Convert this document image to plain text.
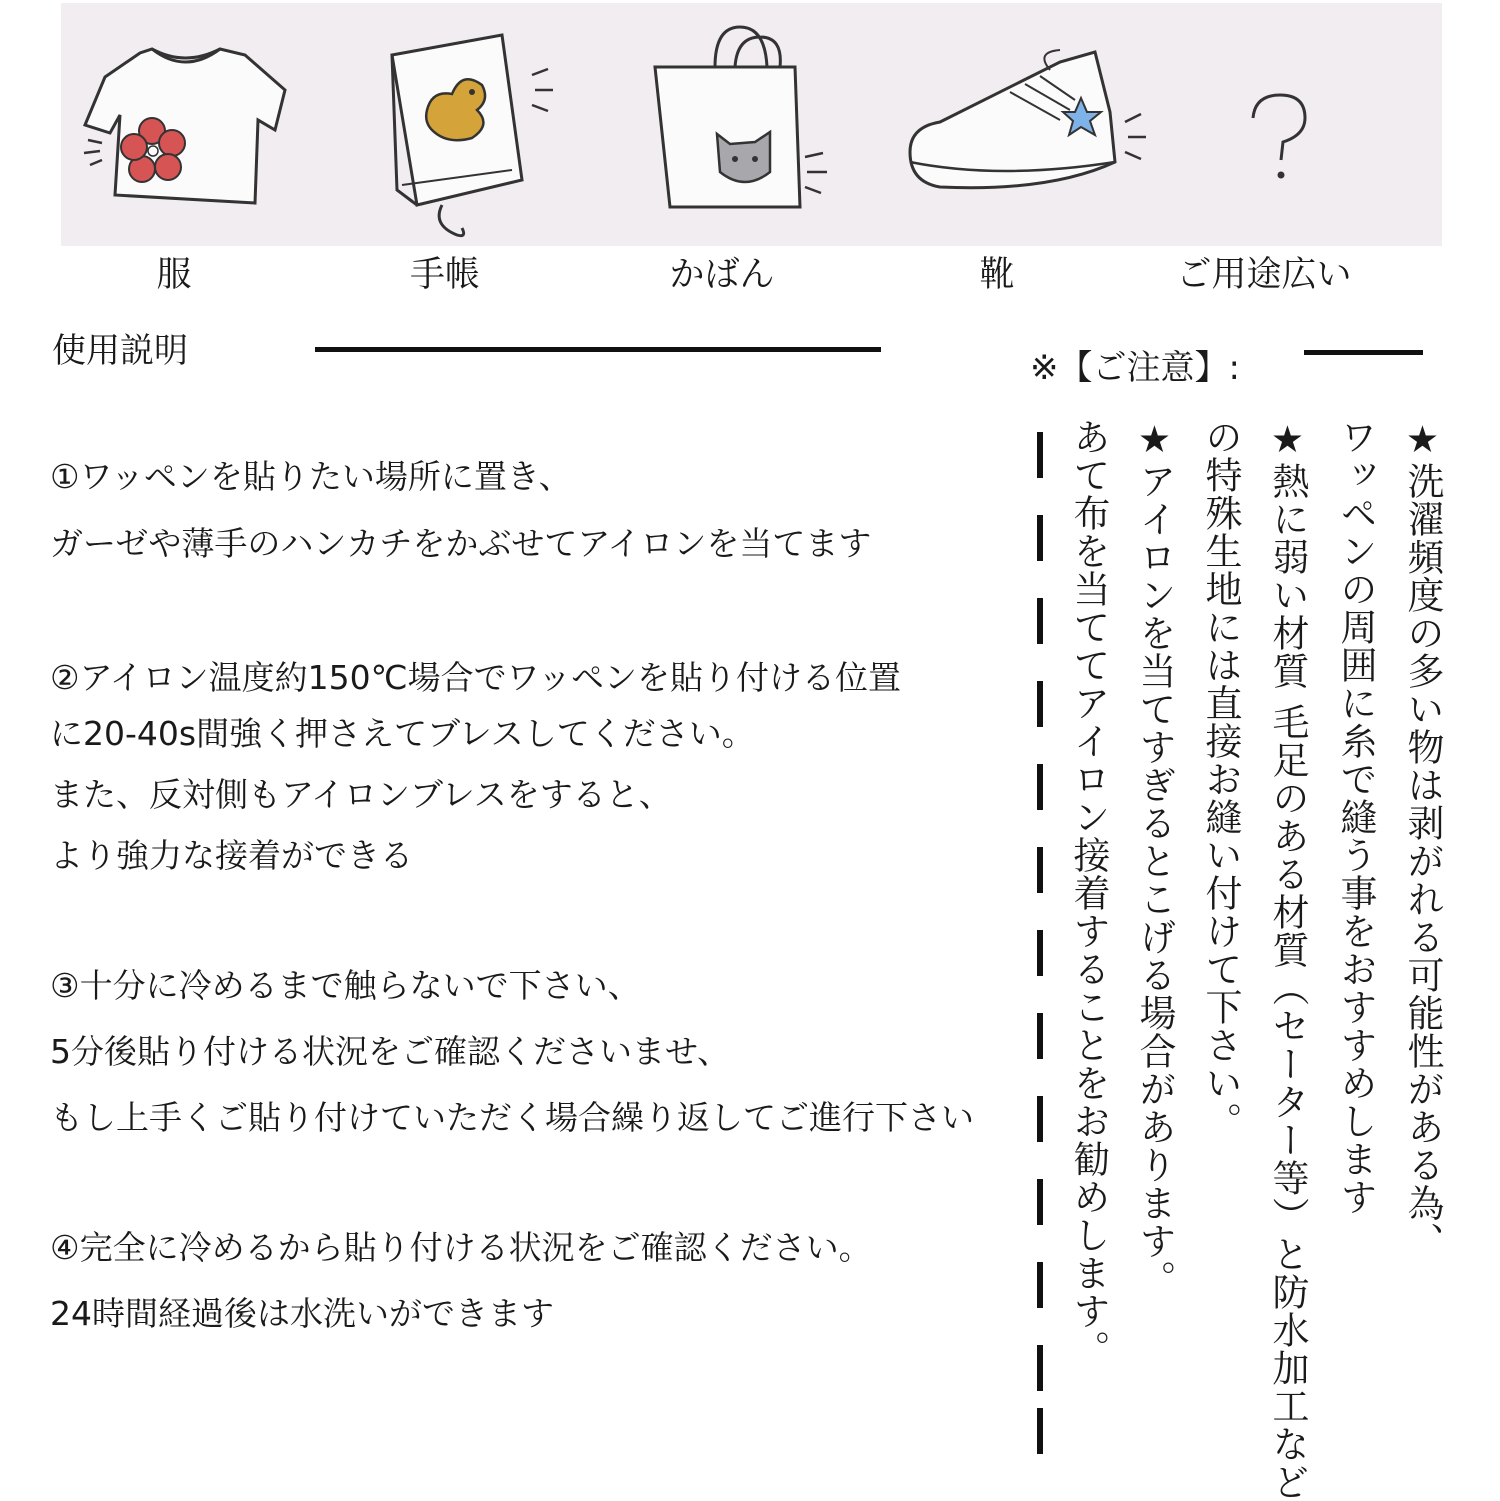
服	手帳	かばん	靴	ご用途広い
使用説明	※【ご注意】:
①ワッペンを貼りたい場所に置き、
ガーゼや薄手のハンカチをかぶせてアイロンを当てます
②アイロン温度約150℃場合でワッペンを貼り付ける位置
に20-40s間強く押さえてブレスしてください。
また、反対側もアイロンブレスをすると、
より強力な接着ができる
③十分に冷めるまで触らないで下さい、
5分後貼り付ける状況をご確認くださいませ、
もし上手くご貼り付けていただく場合繰り返してご進行下さい
④完全に冷めるから貼り付ける状況をご確認ください。
24時間経過後は水洗いができます
★洗濯頻度の多い物は剥がれる可能性がある為、
ワッペンの周囲に糸で縫う事をおすすめします
★熱に弱い材質 毛足のある材質（セーター等）と防水加工など
の特殊生地には直接お縫い付けて下さい。
★アイロンを当てすぎるとこげる場合があります。
あて布を当ててアイロン接着することをお勧めします。
